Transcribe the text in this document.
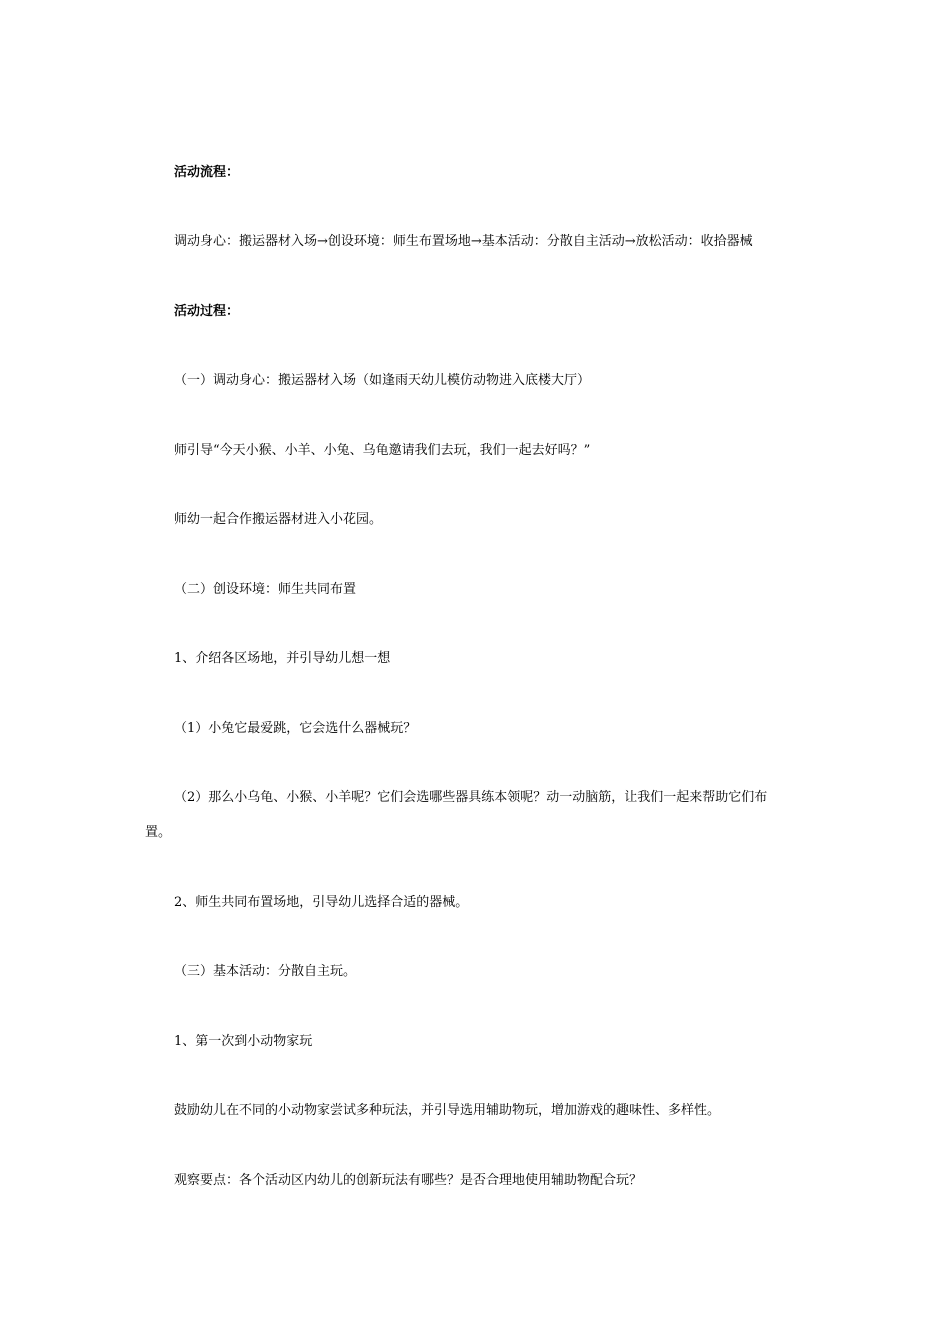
活动流程：
调动身心：搬运器材入场→创设环境：师生布置场地→基本活动：分散自主活动→放松活动：收拾器械
活动过程：
（一）调动身心：搬运器材入场（如逢雨天幼儿模仿动物进入底楼大厅）
师引导“今天小猴、小羊、小兔、乌龟邀请我们去玩，我们一起去好吗？”
师幼一起合作搬运器材进入小花园。
（二）创设环境：师生共同布置
1、介绍各区场地，并引导幼儿想一想
（1）小兔它最爱跳，它会选什么器械玩？
（2）那么小乌龟、小猴、小羊呢？它们会选哪些器具练本领呢？动一动脑筋，让我们一起来帮助它们布
置。
2、师生共同布置场地，引导幼儿选择合适的器械。
（三）基本活动：分散自主玩。
1、第一次到小动物家玩
鼓励幼儿在不同的小动物家尝试多种玩法，并引导选用辅助物玩，增加游戏的趣味性、多样性。
观察要点：各个活动区内幼儿的创新玩法有哪些？是否合理地使用辅助物配合玩？
